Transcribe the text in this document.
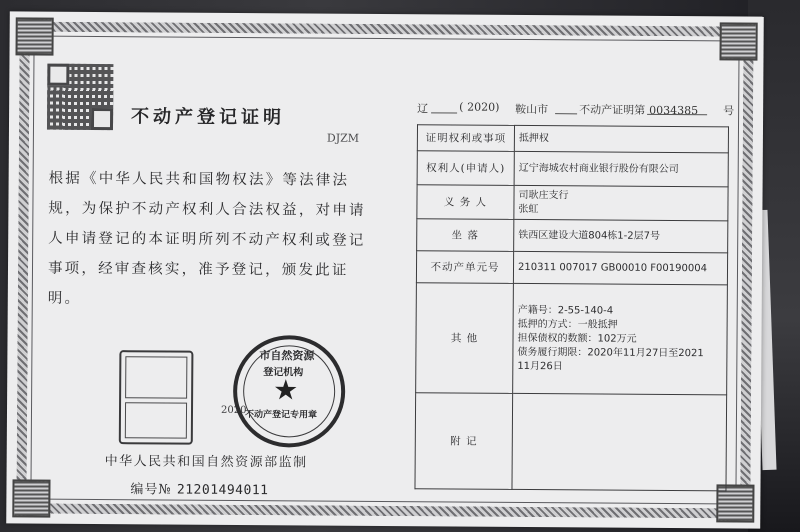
不动产登记证明
DJZM
根据《中华人民共和国物权法》等法律法规，为保护不动产权利人合法权益，对申请人申请登记的本证明所列不动产权利或登记事项，经审查核实，准予登记，颁发此证明。
2020
市自然资源
登记机构
★
不动产登记专用章
中华人民共和国自然资源部监制
编号№ 21201494011
辽	( 2020 ) 鞍山市	不动产证明第 0034385 号
证明权利或事项	抵押权

权利人(申请人)	辽宁海城农村商业银行股份有限公司

义 务 人	司耿庄支行
张虹

坐 落	铁西区建设大道804栋1-2层7号

不动产单元号	210311 007017 GB00010 F00190004

其 他	产籍号：2-55-140-4
抵押的方式：一般抵押
担保债权的数额：102万元
债务履行期限：2020年11月27日至2021
11月26日

附 记	
